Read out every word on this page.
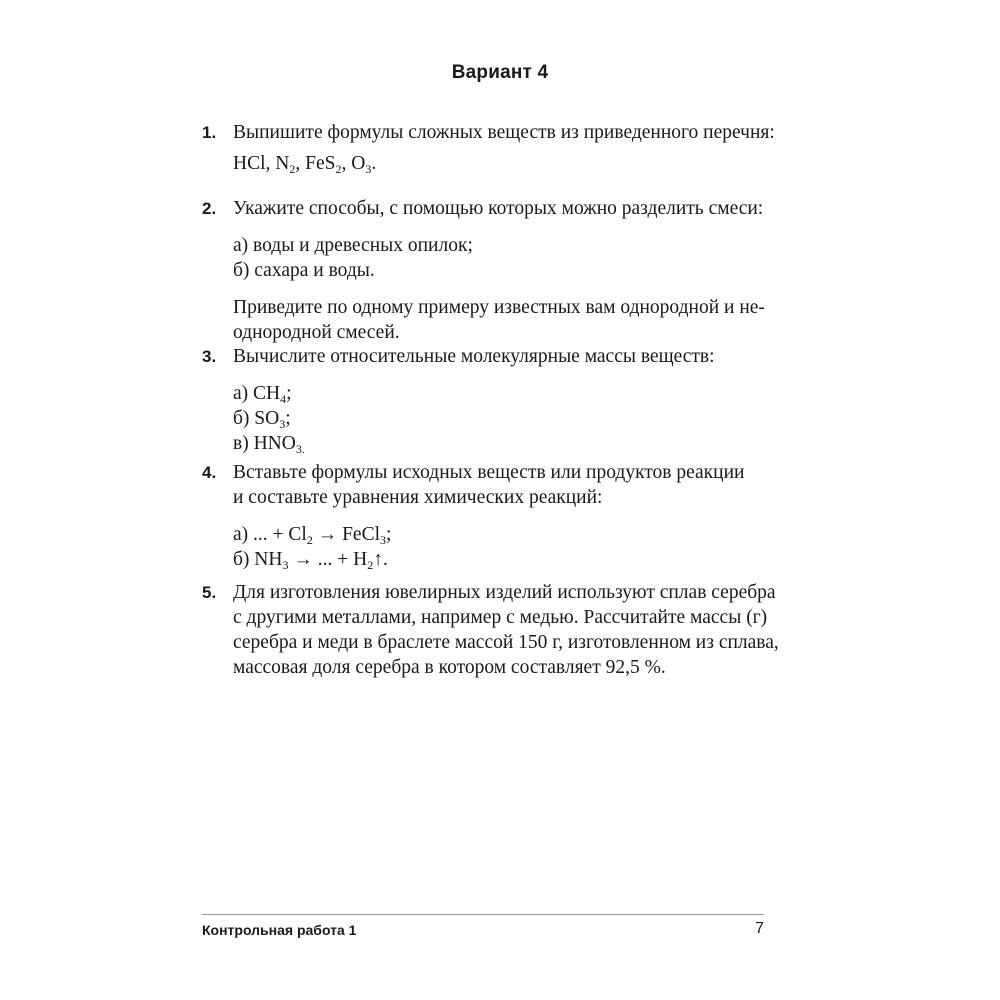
Вариант 4
1. Выпишите формулы сложных веществ из приведенного перечня:
HCl, $N_2$, FeS$_2$, $O_3$.
2. Укажите способы, с помощью которых можно разделить смеси:
а) воды и древесных опилок;
б) сахара и воды.
Приведите по одному примеру известных вам однородной и не-
однородной смесей.
3. Вычислите относительные молекулярные массы веществ:
а) $CH_4$;
б) $SO_3$;
в) $HNO_{3.}$
4. Вставьте формулы исходных веществ или продуктов реакции
и составьте уравнения химических реакций:
а) ... + $Cl_2$ → FeCl$_3$;
б) $NH_3$ → ... + $H_2↑$.
5. Для изготовления ювелирных изделий используют сплав серебра
с другими металлами, например с медью. Рассчитайте массы (г)
серебра и меди в браслете массой 150 г, изготовленном из сплава,
массовая доля серебра в котором составляет 92,5 %.
Контрольная работа 1	7
